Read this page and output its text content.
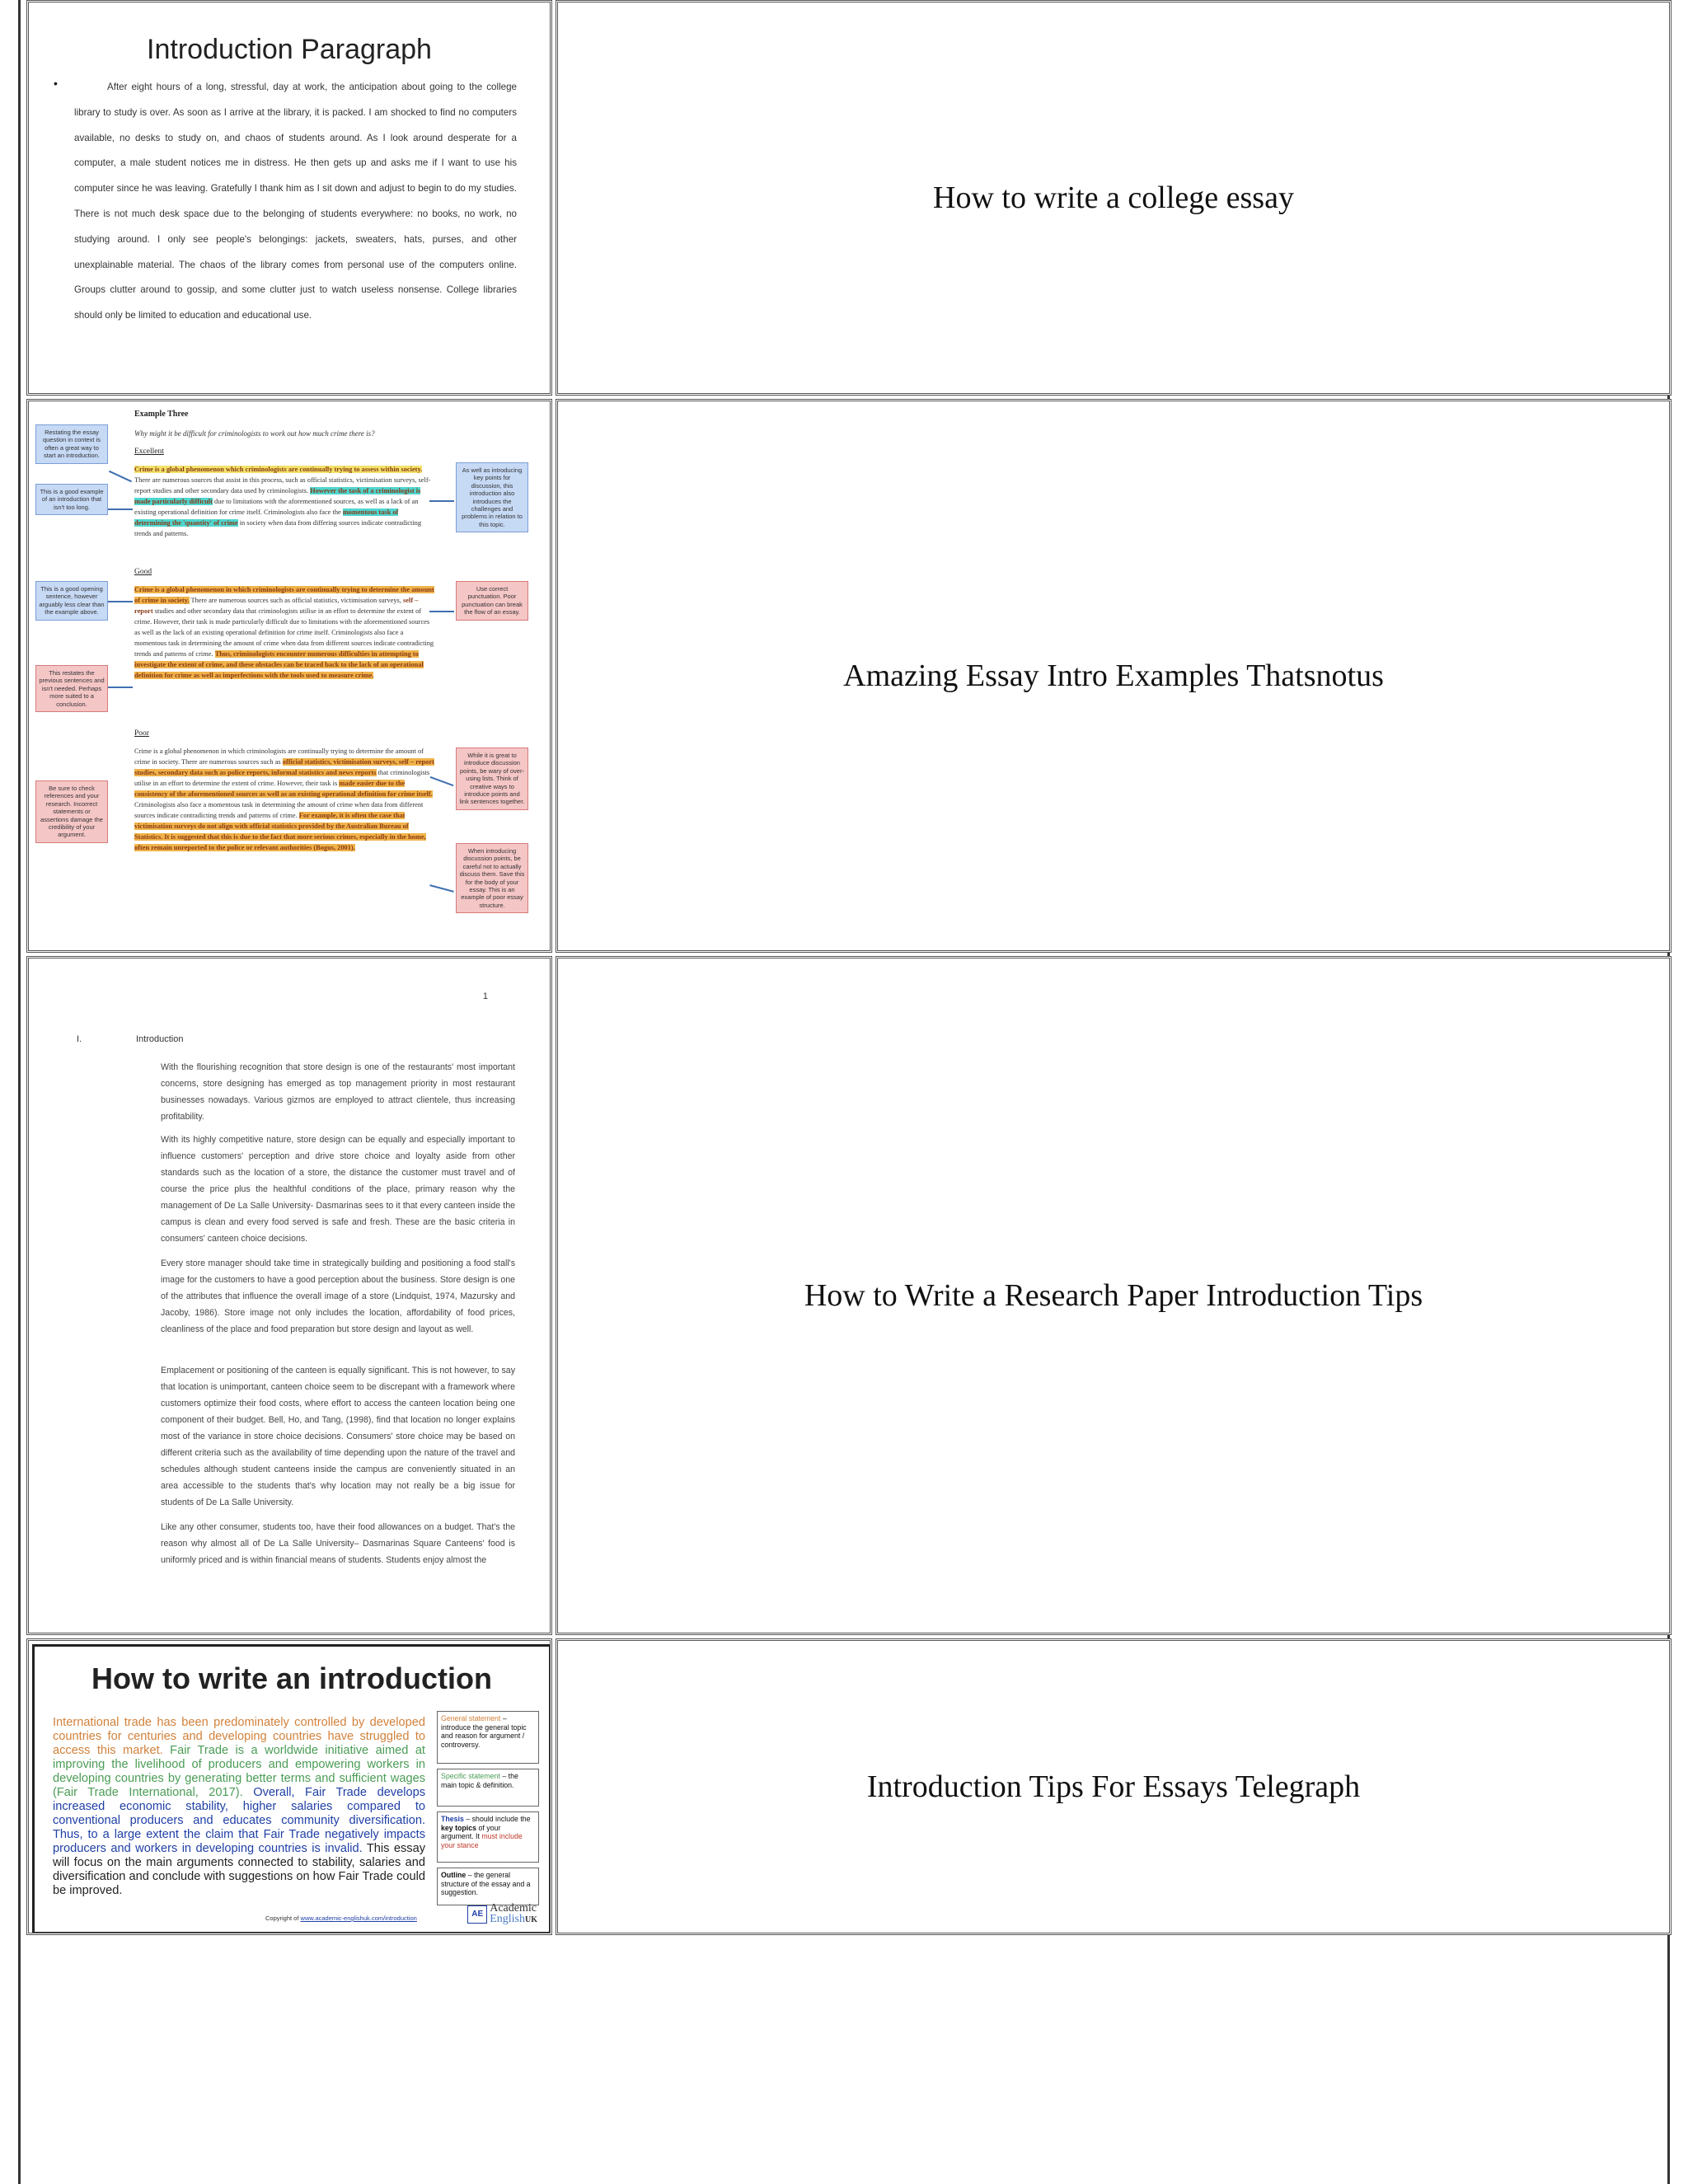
Introduction Paragraph
•	After eight hours of a long, stressful, day at work, the anticipation about going to the college library to study is over. As soon as I arrive at the library, it is packed. I am shocked to find no computers available, no desks to study on, and chaos of students around. As I look around desperate for a computer, a male student notices me in distress. He then gets up and asks me if I want to use his computer since he was leaving. Gratefully I thank him as I sit down and adjust to begin to do my studies. There is not much desk space due to the belonging of students everywhere: no books, no work, no studying around. I only see people's belongings: jackets, sweaters, hats, purses, and other unexplainable material. The chaos of the library comes from personal use of the computers online. Groups clutter around to gossip, and some clutter just to watch useless nonsense. College libraries should only be limited to education and educational use.
How to write a college essay
Example Three
Why might it be difficult for criminologists to work out how much crime there is?
Excellent
Crime is a global phenomenon which criminologists are continually trying to assess within society. There are numerous sources that assist in this process, such as official statistics, victimisation surveys, self-report studies and other secondary data used by criminologists. However the task of a criminologist is made particularly difficult due to limitations with the aforementioned sources, as well as a lack of an existing operational definition for crime itself. Criminologists also face the momentous task of determining the 'quantity' of crime in society when data from differing sources indicate contradicting trends and patterns.
Good
Crime is a global phenomenon in which criminologists are continually trying to determine the amount of crime in society. There are numerous sources such as official statistics, victimisation surveys, self – report studies and other secondary data that criminologists utilise in an effort to determine the extent of crime. However, their task is made particularly difficult due to limitations with the aforementioned sources as well as the lack of an existing operational definition for crime itself. Criminologists also face a momentous task in determining the amount of crime when data from different sources indicate contradicting trends and patterns of crime. Thus, criminologists encounter numerous difficulties in attempting to investigate the extent of crime, and these obstacles can be traced back to the lack of an operational definition for crime as well as imperfections with the tools used to measure crime.
Poor
Crime is a global phenomenon in which criminologists are continually trying to determine the amount of crime in society. There are numerous sources such as official statistics, victimisation surveys, self – report studies, secondary data such as police reports, informal statistics and news reports that criminologists utilise in an effort to determine the extent of crime. However, their task is made easier due to the consistency of the aforementioned sources as well as an existing operational definition for crime itself. Criminologists also face a momentous task in determining the amount of crime when data from different sources indicate contradicting trends and patterns of crime. For example, it is often the case that victimisation surveys do not align with official statistics provided by the Australian Bureau of Statistics. It is suggested that this is due to the fact that more serious crimes, especially in the home, often remain unreported to the police or relevant authorities (Bogus, 2001).
Restating the essay question in context is often a great way to start an introduction.
This is a good example of an introduction that isn't too long.
As well as introducing key points for discussion, this introduction also introduces the challenges and problems in relation to this topic.
This is a good opening sentence, however arguably less clear than the example above.
Use correct punctuation. Poor punctuation can break the flow of an essay.
This restates the previous sentences and isn't needed. Perhaps more suited to a conclusion.
Be sure to check references and your research. Incorrect statements or assertions damage the credibility of your argument.
While it is great to introduce discussion points, be wary of over-using lists. Think of creative ways to introduce points and link sentences together.
When introducing discussion points, be careful not to actually discuss them. Save this for the body of your essay. This is an example of poor essay structure.
Amazing Essay Intro Examples Thatsnotus
1
I.	Introduction
With the flourishing recognition that store design is one of the restaurants' most important concerns, store designing has emerged as top management priority in most restaurant businesses nowadays. Various gizmos are employed to attract clientele, thus increasing profitability.
With its highly competitive nature, store design can be equally and especially important to influence customers' perception and drive store choice and loyalty aside from other standards such as the location of a store, the distance the customer must travel and of course the price plus the healthful conditions of the place, primary reason why the management of De La Salle University- Dasmarinas sees to it that every canteen inside the campus is clean and every food served is safe and fresh. These are the basic criteria in consumers' canteen choice decisions.
Every store manager should take time in strategically building and positioning a food stall's image for the customers to have a good perception about the business. Store design is one of the attributes that influence the overall image of a store (Lindquist, 1974, Mazursky and Jacoby, 1986). Store image not only includes the location, affordability of food prices, cleanliness of the place and food preparation but store design and layout as well.
Emplacement or positioning of the canteen is equally significant. This is not however, to say that location is unimportant, canteen choice seem to be discrepant with a framework where customers optimize their food costs, where effort to access the canteen location being one component of their budget. Bell, Ho, and Tang, (1998), find that location no longer explains most of the variance in store choice decisions. Consumers' store choice may be based on different criteria such as the availability of time depending upon the nature of the travel and schedules although student canteens inside the campus are conveniently situated in an area accessible to the students that's why location may not really be a big issue for students of De La Salle University.
Like any other consumer, students too, have their food allowances on a budget. That's the reason why almost all of De La Salle University– Dasmarinas Square Canteens' food is uniformly priced and is within financial means of students. Students enjoy almost the
How to Write a Research Paper Introduction Tips
How to write an introduction
International trade has been predominately controlled by developed countries for centuries and developing countries have struggled to access this market. Fair Trade is a worldwide initiative aimed at improving the livelihood of producers and empowering workers in developing countries by generating better terms and sufficient wages (Fair Trade International, 2017). Overall, Fair Trade develops increased economic stability, higher salaries compared to conventional producers and educates community diversification. Thus, to a large extent the claim that Fair Trade negatively impacts producers and workers in developing countries is invalid. This essay will focus on the main arguments connected to stability, salaries and diversification and conclude with suggestions on how Fair Trade could be improved.
General statement – introduce the general topic and reason for argument / controversy.
Specific statement – the main topic & definition.
Thesis – should include the key topics of your argument. It must include your stance
Outline – the general structure of the essay and a suggestion.
Copyright of www.academic-englishuk.com/introduction	AE Academic
EnglishUK
Introduction Tips For Essays Telegraph
